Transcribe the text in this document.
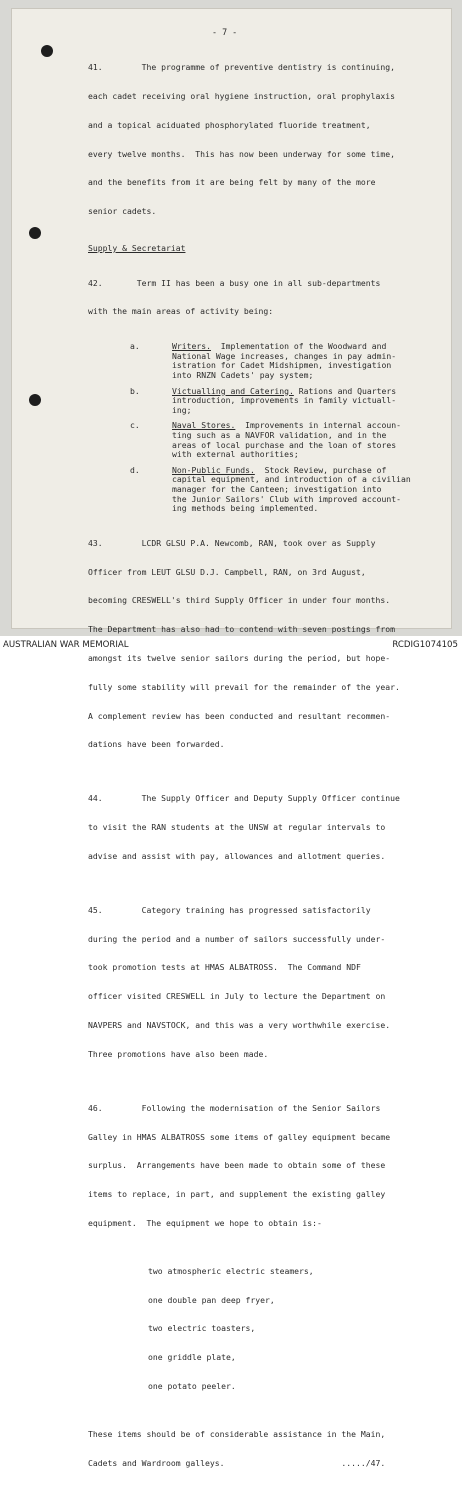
- 7 -

41.        The programme of preventive dentistry is continuing,

each cadet receiving oral hygiene instruction, oral prophylaxis

and a topical aciduated phosphorylated fluoride treatment,

every twelve months.  This has now been underway for some time,

and the benefits from it are being felt by many of the more

senior cadets.

Supply & Secretariat

42.       Term II has been a busy one in all sub-departments

with the main areas of activity being:

a.	Writers. Implementation of the Woodward and
National Wage increases, changes in pay admin-
istration for Cadet Midshipmen, investigation
into RNZN Cadets' pay system;
b.	Victualling and Catering. Rations and Quarters
introduction, improvements in family victuall-
ing;
c.	Naval Stores. Improvements in internal accoun-
ting such as a NAVFOR validation, and in the
areas of local purchase and the loan of stores
with external authorities;
d.	Non-Public Funds. Stock Review, purchase of
capital equipment, and introduction of a civilian
manager for the Canteen; investigation into
the Junior Sailors' Club with improved account-
ing methods being implemented.

43.        LCDR GLSU P.A. Newcomb, RAN, took over as Supply

Officer from LEUT GLSU D.J. Campbell, RAN, on 3rd August,

becoming CRESWELL's third Supply Officer in under four months.

The Department has also had to contend with seven postings from

amongst its twelve senior sailors during the period, but hope-

fully some stability will prevail for the remainder of the year.

A complement review has been conducted and resultant recommen-

dations have been forwarded.

44.        The Supply Officer and Deputy Supply Officer continue

to visit the RAN students at the UNSW at regular intervals to

advise and assist with pay, allowances and allotment queries.

45.        Category training has progressed satisfactorily

during the period and a number of sailors successfully under-

took promotion tests at HMAS ALBATROSS.  The Command NDF

officer visited CRESWELL in July to lecture the Department on

NAVPERS and NAVSTOCK, and this was a very worthwhile exercise.

Three promotions have also been made.

46.        Following the modernisation of the Senior Sailors

Galley in HMAS ALBATROSS some items of galley equipment became

surplus.  Arrangements have been made to obtain some of these

items to replace, in part, and supplement the existing galley

equipment.  The equipment we hope to obtain is:-

two atmospheric electric steamers,

one double pan deep fryer,

two electric toasters,

one griddle plate,

one potato peeler.

These items should be of considerable assistance in the Main,

Cadets and Wardroom galleys.                        ...../47.

AUSTRALIAN WAR MEMORIAL	RCDIG1074105
